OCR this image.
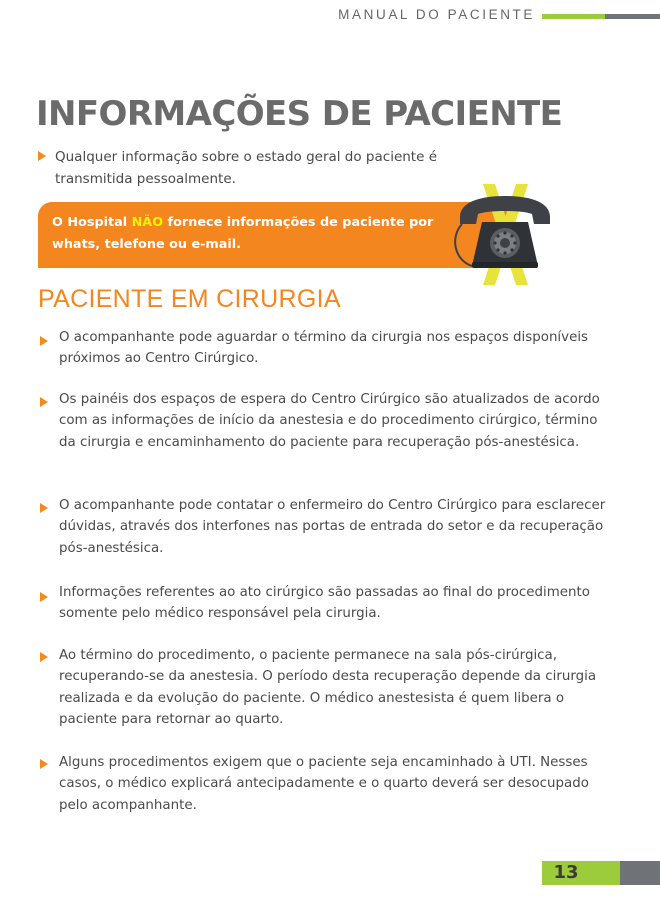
MANUAL DO PACIENTE
INFORMAÇÕES DE PACIENTE
Qualquer informação sobre o estado geral do paciente é transmitida pessoalmente.
O Hospital NÃO fornece informações de paciente por whats, telefone ou e-mail.
PACIENTE EM CIRURGIA
O acompanhante pode aguardar o término da cirurgia nos espaços disponíveis próximos ao Centro Cirúrgico.
Os painéis dos espaços de espera do Centro Cirúrgico são atualizados de acordo com as informações de início da anestesia e do procedimento cirúrgico, término da cirurgia e encaminhamento do paciente para recuperação pós-anestésica.
O acompanhante pode contatar o enfermeiro do Centro Cirúrgico para esclarecer dúvidas, através dos interfones nas portas de entrada do setor e da recuperação pós-anestésica.
Informações referentes ao ato cirúrgico são passadas ao final do procedimento somente pelo médico responsável pela cirurgia.
Ao término do procedimento, o paciente permanece na sala pós-cirúrgica, recuperando-se da anestesia. O período desta recuperação depende da cirurgia realizada e da evolução do paciente. O médico anestesista é quem libera o paciente para retornar ao quarto.
Alguns procedimentos exigem que o paciente seja encaminhado à UTI. Nesses casos, o médico explicará antecipadamente e o quarto deverá ser desocupado pelo acompanhante.
13
